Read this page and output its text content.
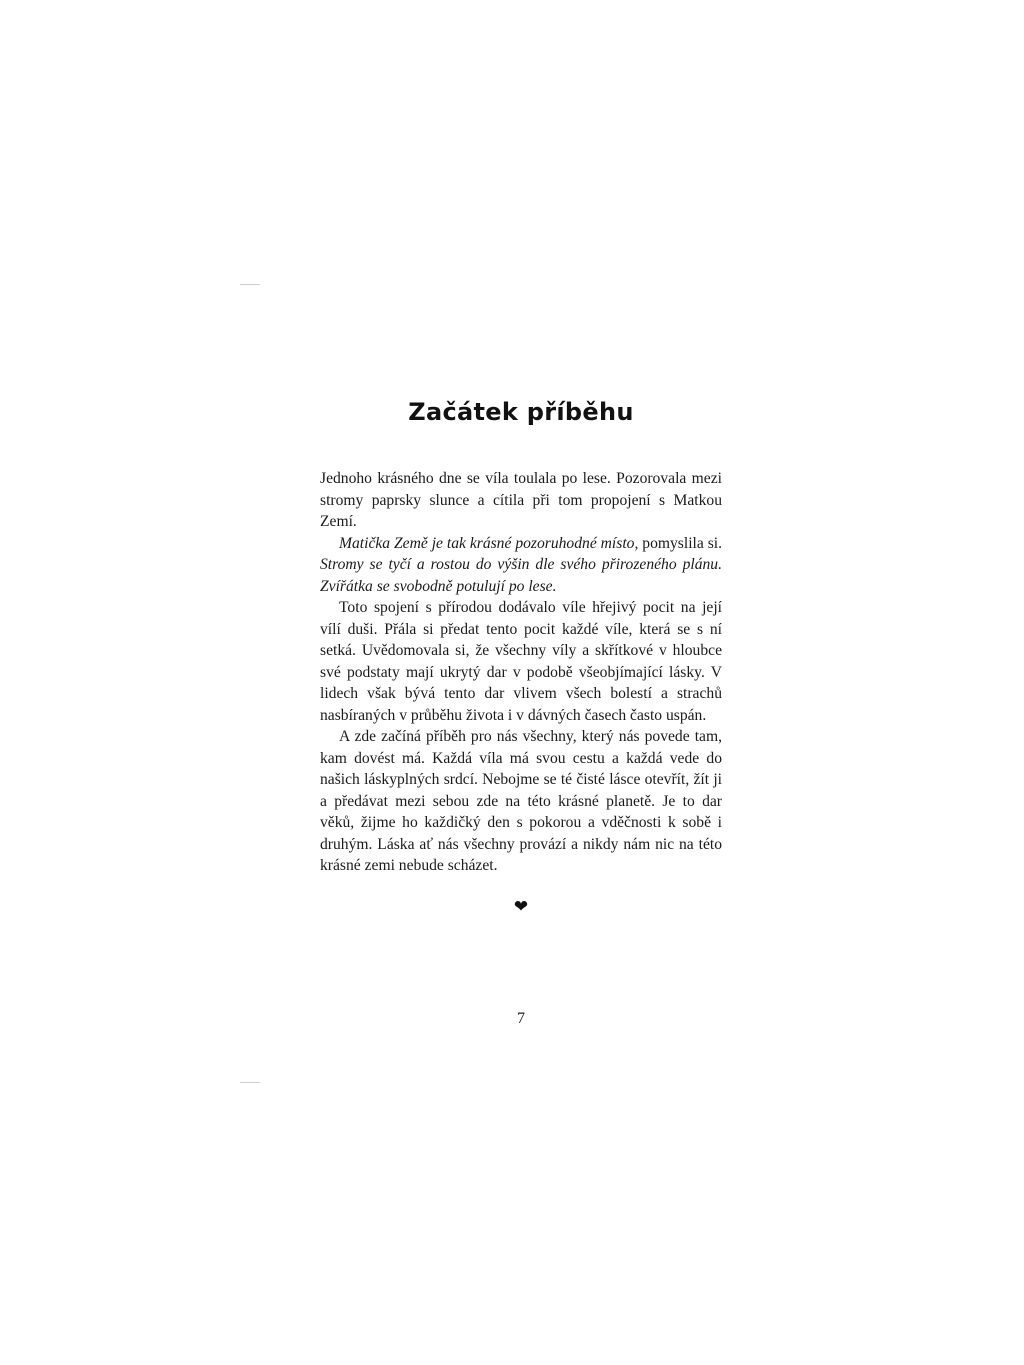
Začátek příběhu

Jednoho krásného dne se víla toulala po lese. Pozorovala mezi stromy paprsky slunce a cítila při tom propojení s Matkou Zemí.

Matička Země je tak krásné pozoruhodné místo, pomyslila si. Stromy se tyčí a rostou do výšin dle svého přirozeného plánu. Zvířátka se svobodně potulují po lese.

Toto spojení s přírodou dodávalo víle hřejivý pocit na její vílí duši. Přála si předat tento pocit každé víle, která se s ní setká. Uvědomovala si, že všechny víly a skřítkové v hloubce své podstaty mají ukrytý dar v podobě všeobjímající lásky. V lidech však bývá tento dar vlivem všech bolestí a strachů nasbíraných v průběhu života i v dávných časech často uspán.

A zde začíná příběh pro nás všechny, který nás povede tam, kam dovést má. Každá víla má svou cestu a každá vede do našich láskyplných srdcí. Nebojme se té čisté lásce otevřít, žít ji a předávat mezi sebou zde na této krásné planetě. Je to dar věků, žijme ho každičký den s pokorou a vděčnosti k sobě i druhým. Láska ať nás všechny provází a nikdy nám nic na této krásné zemi nebude scházet.

❤
7
